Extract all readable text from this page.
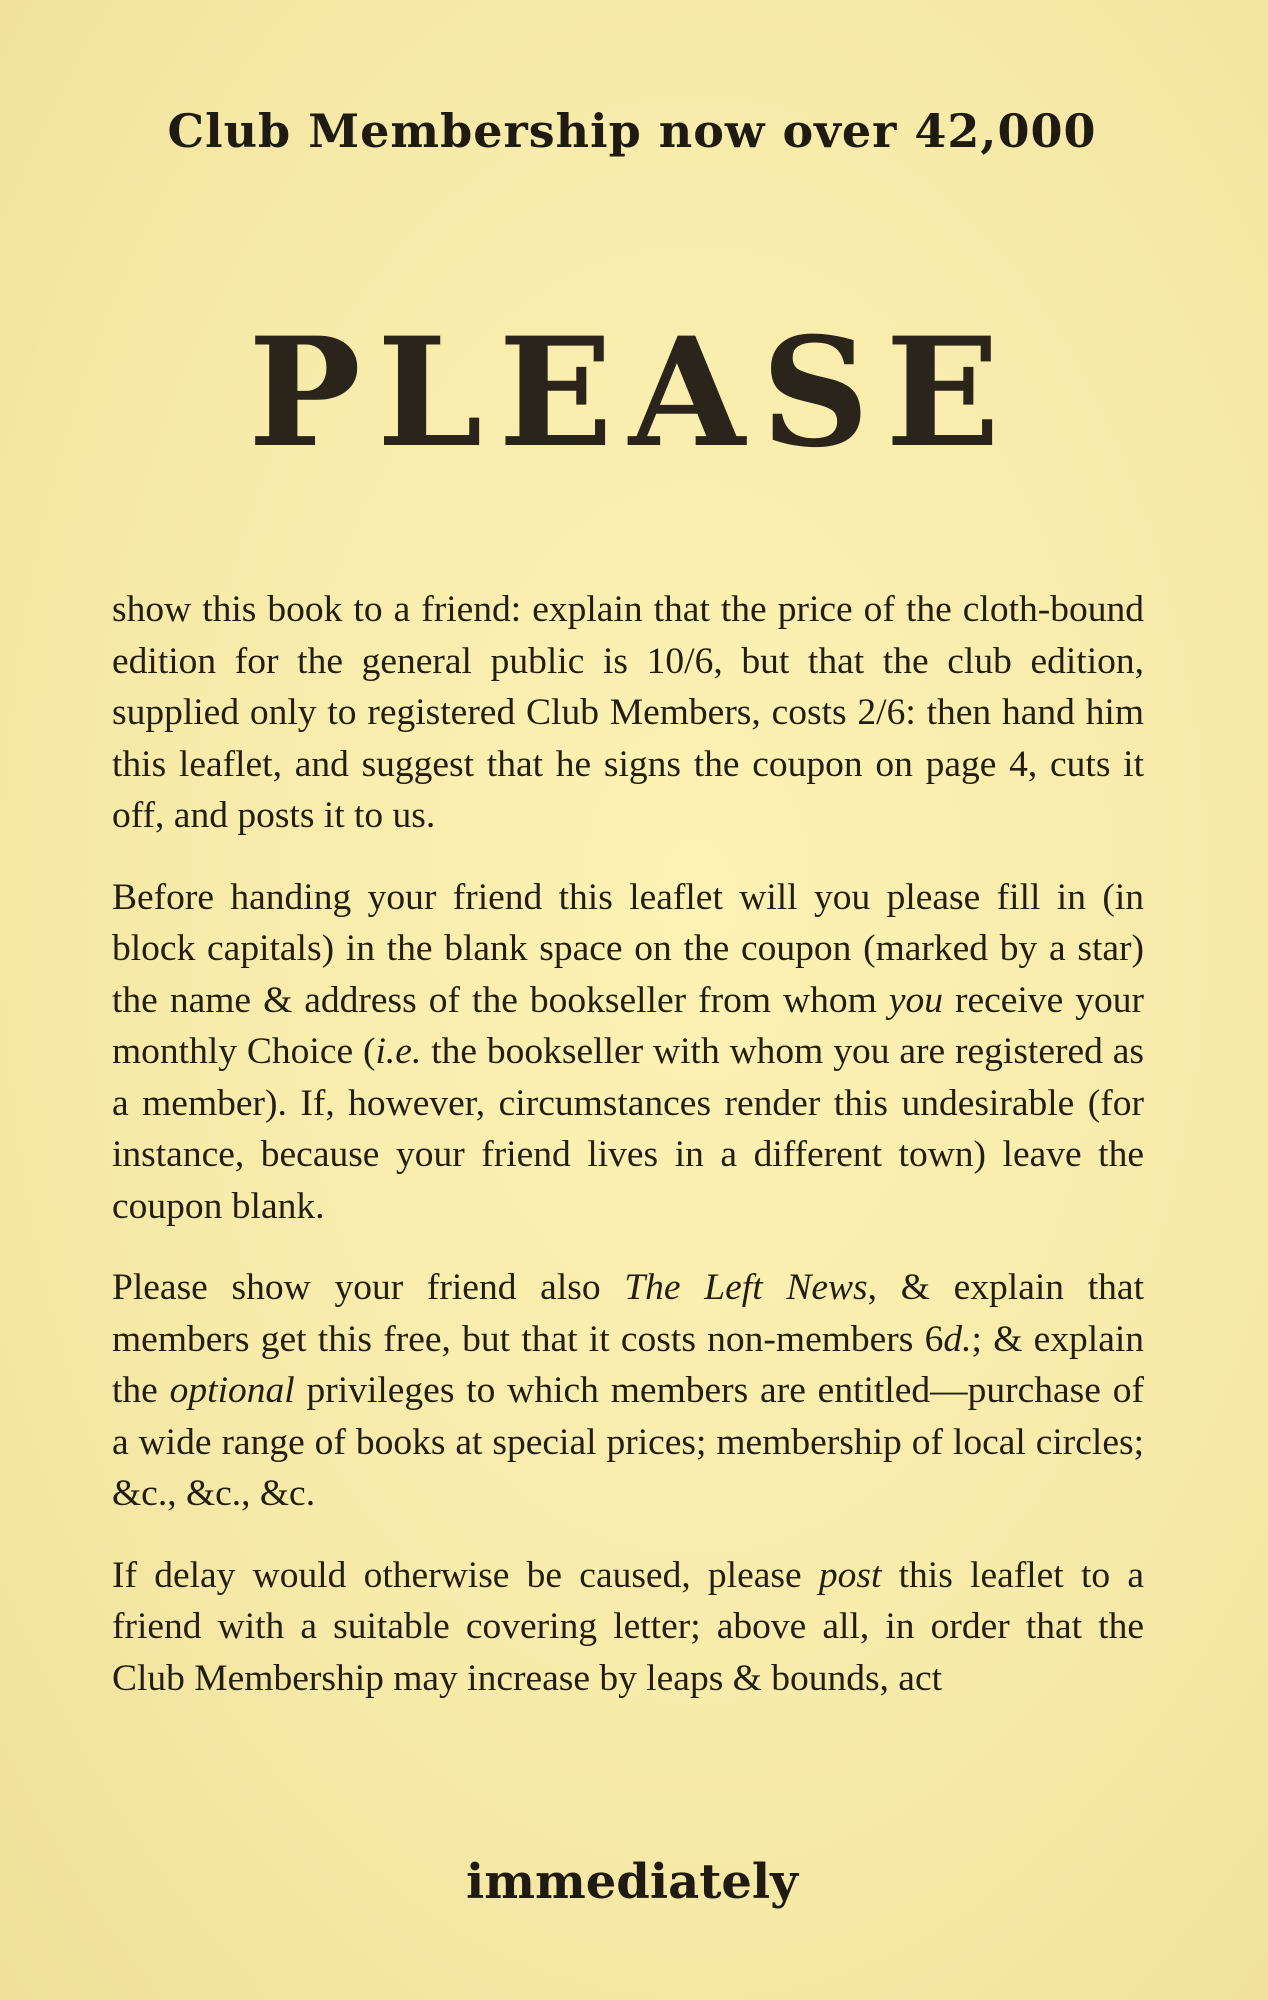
Club Membership now over 42,000
PLEASE

show this book to a friend: explain that the price of the cloth-bound edition for the general public is 10/6, but that the club edition, supplied only to registered Club Members, costs 2/6: then hand him this leaflet, and suggest that he signs the coupon on page 4, cuts it off, and posts it to us.

Before handing your friend this leaflet will you please fill in (in block capitals) in the blank space on the coupon (marked by a star) the name & address of the bookseller from whom you receive your monthly Choice (i.e. the bookseller with whom you are registered as a member). If, however, circumstances render this undesirable (for instance, because your friend lives in a different town) leave the coupon blank.

Please show your friend also The Left News, & explain that members get this free, but that it costs non-members 6d.; & explain the optional privileges to which members are entitled—purchase of a wide range of books at special prices; membership of local circles; &c., &c., &c.

If delay would otherwise be caused, please post this leaflet to a friend with a suitable covering letter; above all, in order that the Club Membership may increase by leaps & bounds, act

immediately
